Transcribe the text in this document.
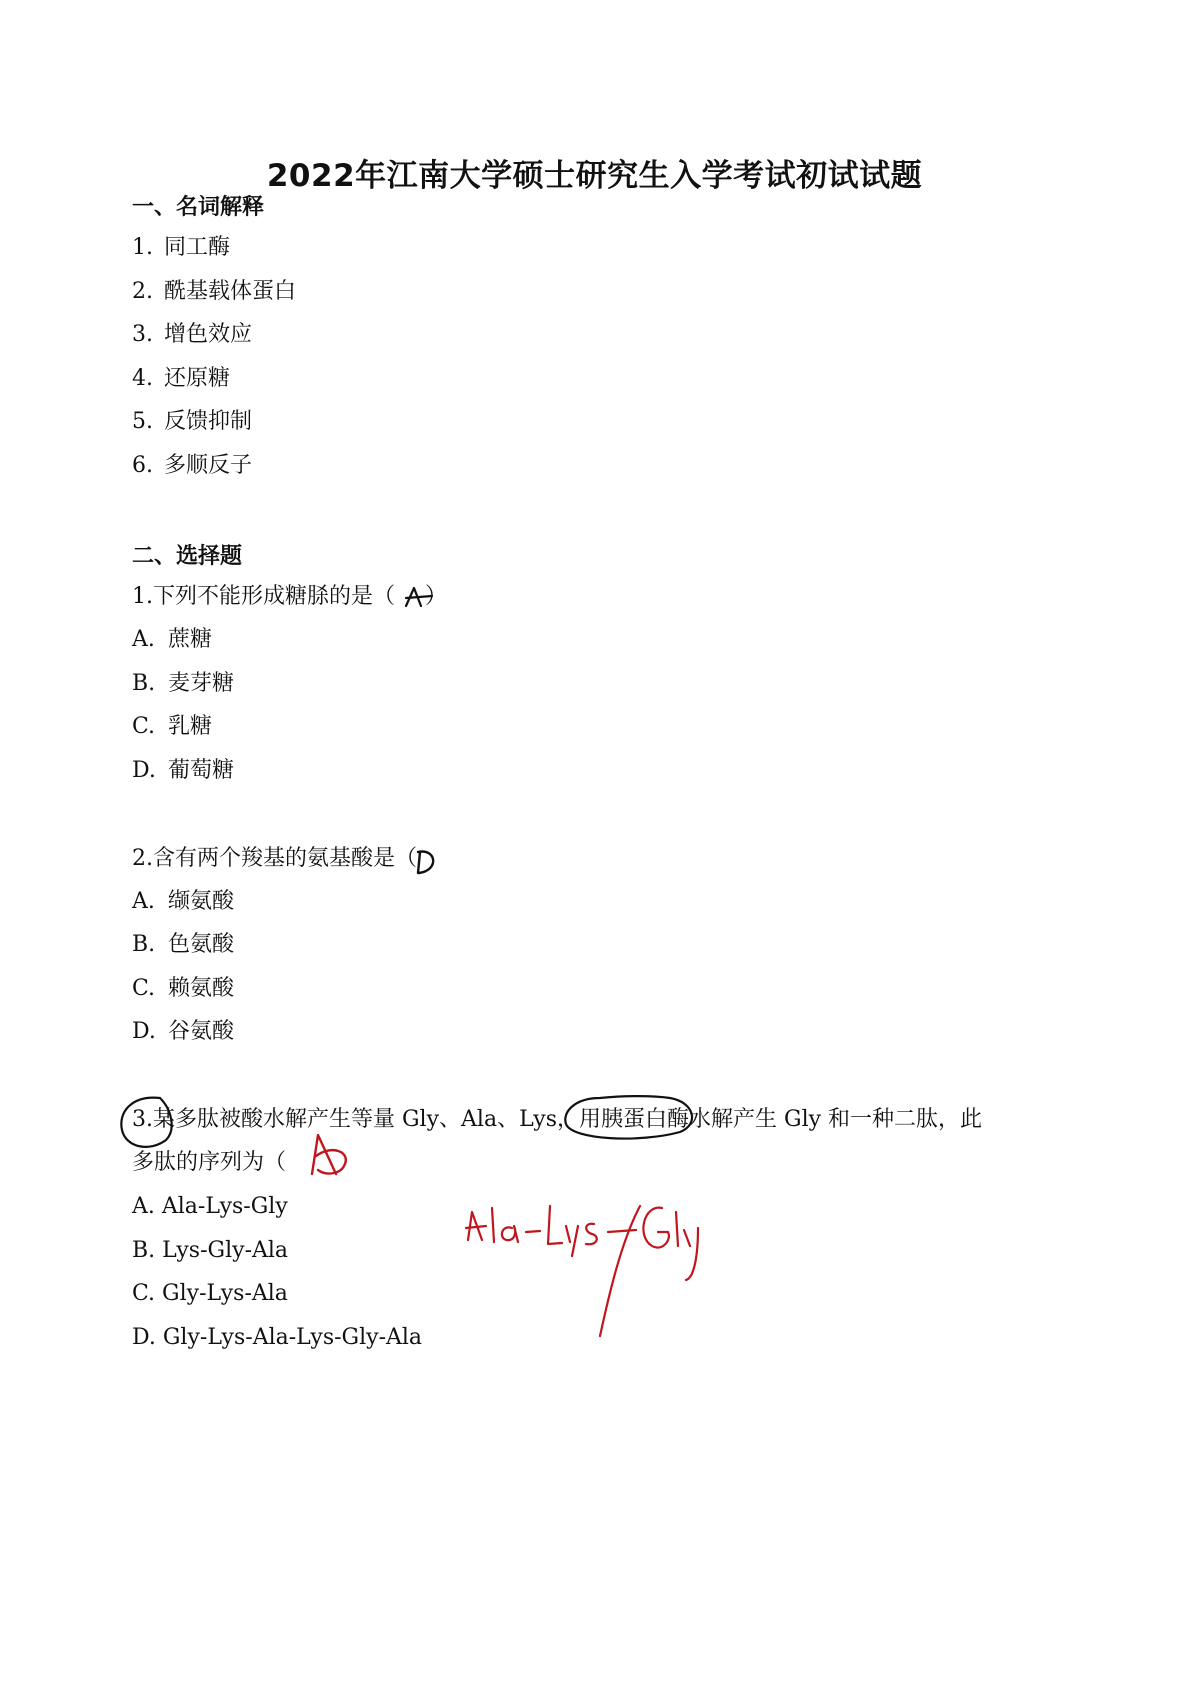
2022年江南大学硕士研究生入学考试初试试题
一、名词解释
1. 同工酶
2. 酰基载体蛋白
3. 增色效应
4. 还原糖
5. 反馈抑制
6. 多顺反子
二、选择题
1.下列不能形成糖脎的是（ ）
A. 蔗糖
B. 麦芽糖
C. 乳糖
D. 葡萄糖
2.含有两个羧基的氨基酸是（
A. 缬氨酸
B. 色氨酸
C. 赖氨酸
D. 谷氨酸
3.某多肽被酸水解产生等量 Gly、Ala、Lys，用胰蛋白酶水解产生 Gly 和一种二肽，此
多肽的序列为（
A. Ala-Lys-Gly
B. Lys-Gly-Ala
C. Gly-Lys-Ala
D. Gly-Lys-Ala-Lys-Gly-Ala
